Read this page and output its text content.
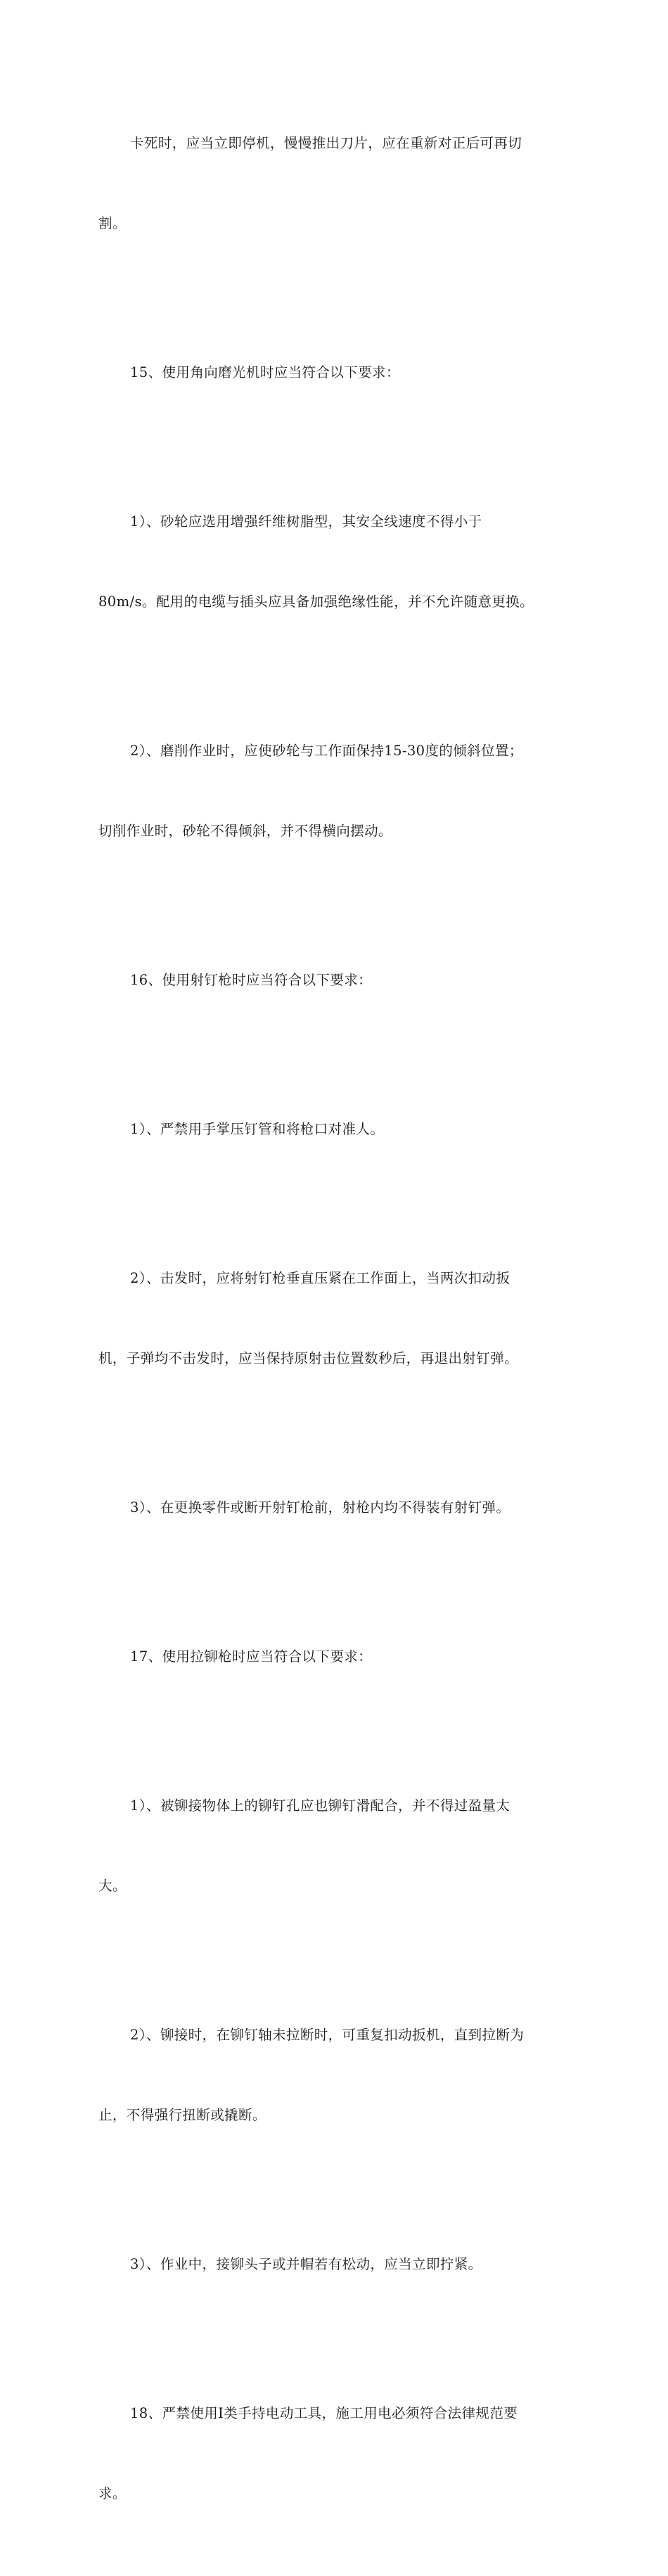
卡死时，应当立即停机，慢慢推出刀片，应在重新对正后可再切

割。

15、使用角向磨光机时应当符合以下要求：

1）、砂轮应选用增强纤维树脂型，其安全线速度不得小于

80m/s。配用的电缆与插头应具备加强绝缘性能，并不允许随意更换。

2）、磨削作业时，应使砂轮与工作面保持15-30度的倾斜位置；

切削作业时，砂轮不得倾斜，并不得横向摆动。

16、使用射钉枪时应当符合以下要求：

1）、严禁用手掌压钉管和将枪口对准人。

2）、击发时，应将射钉枪垂直压紧在工作面上，当两次扣动扳

机，子弹均不击发时，应当保持原射击位置数秒后，再退出射钉弹。

3）、在更换零件或断开射钉枪前，射枪内均不得装有射钉弹。

17、使用拉铆枪时应当符合以下要求：

1）、被铆接物体上的铆钉孔应也铆钉滑配合，并不得过盈量太

大。

2）、铆接时，在铆钉轴未拉断时，可重复扣动扳机，直到拉断为

止，不得强行扭断或撬断。

3）、作业中，接铆头子或并帽若有松动，应当立即拧紧。

18、严禁使用Ⅰ类手持电动工具，施工用电必须符合法律规范要

求。
